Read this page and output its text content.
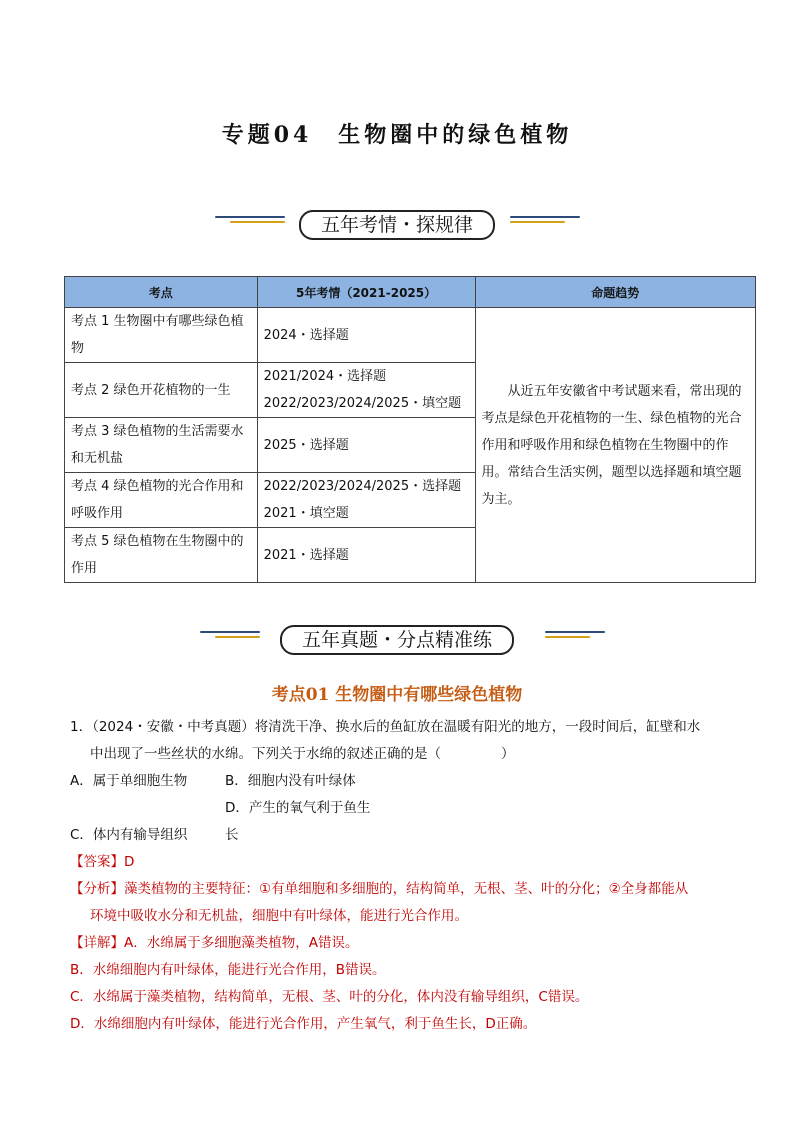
专题04　生物圈中的绿色植物
五年考情・探规律
考点	5年考情（2021-2025）	命题趋势
考点 1 生物圈中有哪些绿色植物	2024・选择题	从近五年安徽省中考试题来看，常出现的考点是绿色开花植物的一生、绿色植物的光合作用和呼吸作用和绿色植物在生物圈中的作用。常结合生活实例，题型以选择题和填空题为主。
考点 2 绿色开花植物的一生	2021/2024・选择题
2022/2023/2024/2025・填空题	

考点 3 绿色植物的生活需要水和无机盐	2025・选择题	

考点 4 绿色植物的光合作用和呼吸作用	2022/2023/2024/2025・选择题
2021・填空题	

考点 5 绿色植物在生物圈中的作用	2021・选择题	
五年真题・分点精准练
考点01 生物圈中有哪些绿色植物

1．（2024・安徽・中考真题）将清洗干净、换水后的鱼缸放在温暖有阳光的地方，一段时间后，缸壁和水

中出现了一些丝状的水绵。下列关于水绵的叙述正确的是（	）

A．属于单细胞生物	B．细胞内没有叶绿体

C．体内有输导组织D．产生的氧气利于鱼生长

【答案】D

【分析】藻类植物的主要特征：①有单细胞和多细胞的，结构简单，无根、茎、叶的分化；②全身都能从

环境中吸收水分和无机盐，细胞中有叶绿体，能进行光合作用。

【详解】A．水绵属于多细胞藻类植物，A错误。

B．水绵细胞内有叶绿体，能进行光合作用，B错误。

C．水绵属于藻类植物，结构简单，无根、茎、叶的分化，体内没有输导组织，C错误。

D．水绵细胞内有叶绿体，能进行光合作用，产生氧气，利于鱼生长，D正确。
